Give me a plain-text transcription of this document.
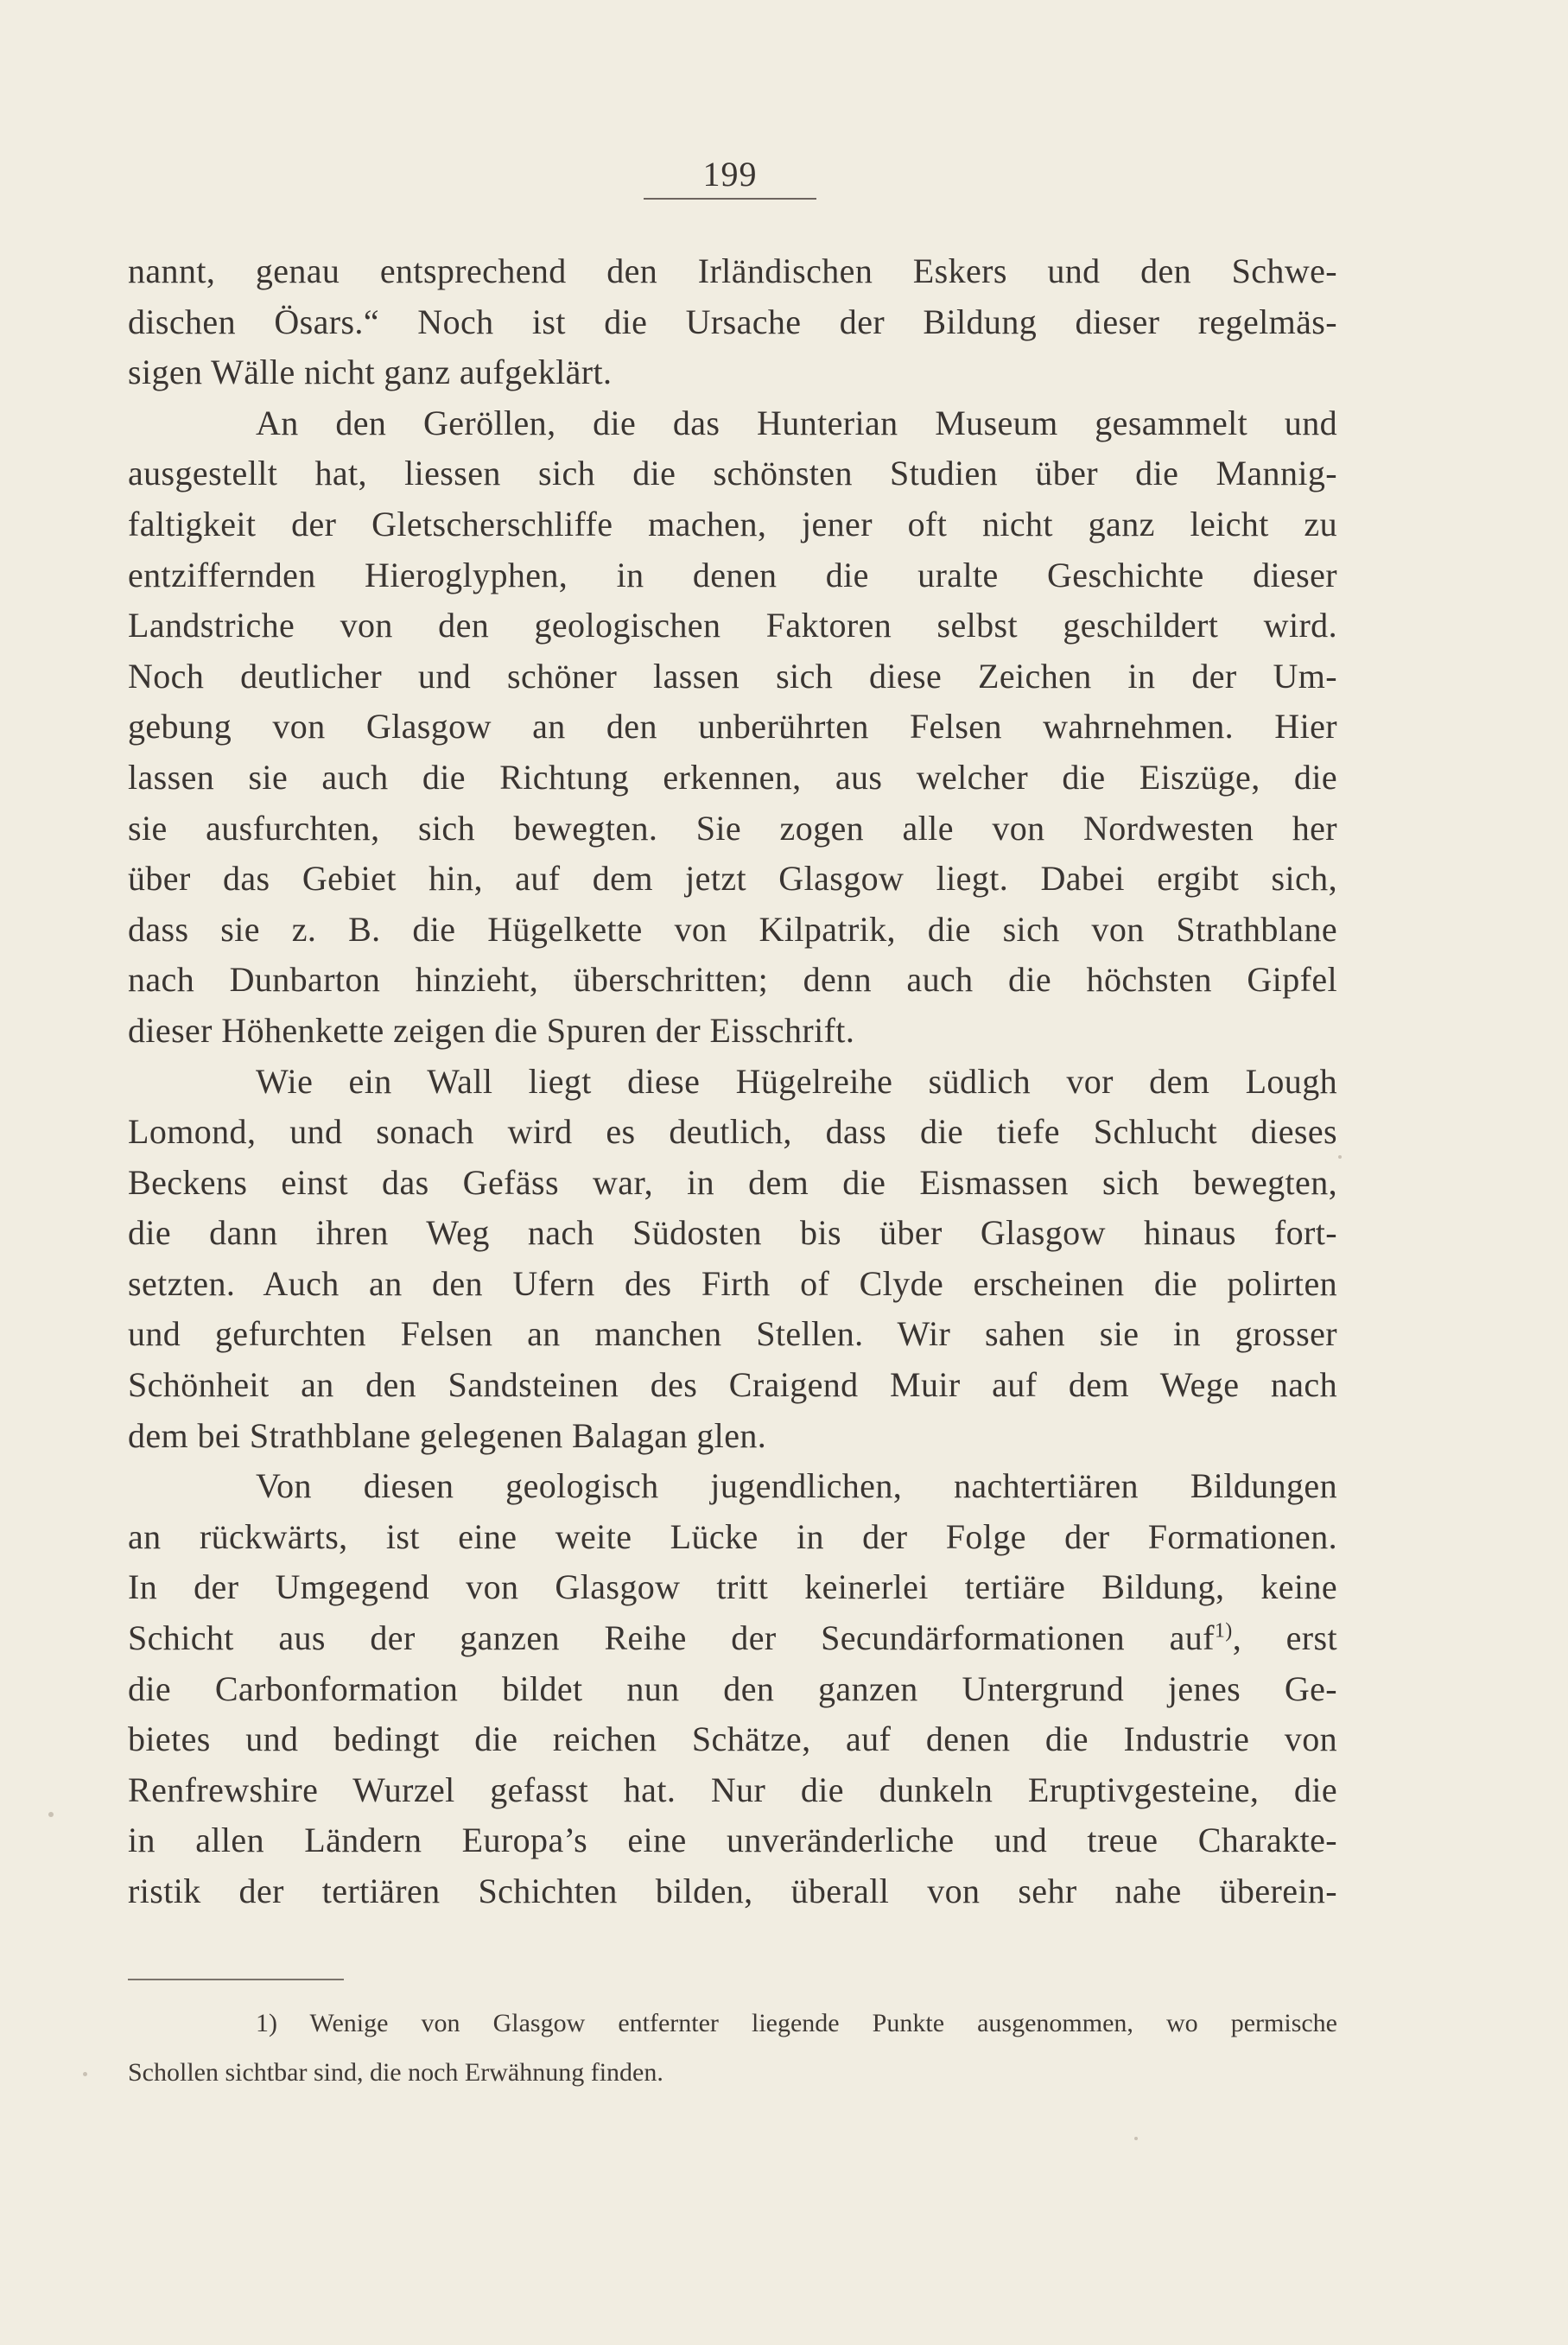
199
nannt, genau entsprechend den Irländischen Eskers und den Schwe-
dischen Ösars.“ Noch ist die Ursache der Bildung dieser regelmäs-
sigen Wälle nicht ganz aufgeklärt.
An den Geröllen, die das Hunterian Museum gesammelt und
ausgestellt hat, liessen sich die schönsten Studien über die Mannig-
faltigkeit der Gletscherschliffe machen, jener oft nicht ganz leicht zu
entziffernden Hieroglyphen, in denen die uralte Geschichte dieser
Landstriche von den geologischen Faktoren selbst geschildert wird.
Noch deutlicher und schöner lassen sich diese Zeichen in der Um-
gebung von Glasgow an den unberührten Felsen wahrnehmen. Hier
lassen sie auch die Richtung erkennen, aus welcher die Eiszüge, die
sie ausfurchten, sich bewegten. Sie zogen alle von Nordwesten her
über das Gebiet hin, auf dem jetzt Glasgow liegt. Dabei ergibt sich,
dass sie z. B. die Hügelkette von Kilpatrik, die sich von Strathblane
nach Dunbarton hinzieht, überschritten; denn auch die höchsten Gipfel
dieser Höhenkette zeigen die Spuren der Eisschrift.
Wie ein Wall liegt diese Hügelreihe südlich vor dem Lough
Lomond, und sonach wird es deutlich, dass die tiefe Schlucht dieses
Beckens einst das Gefäss war, in dem die Eismassen sich bewegten,
die dann ihren Weg nach Südosten bis über Glasgow hinaus fort-
setzten. Auch an den Ufern des Firth of Clyde erscheinen die polirten
und gefurchten Felsen an manchen Stellen. Wir sahen sie in grosser
Schönheit an den Sandsteinen des Craigend Muir auf dem Wege nach
dem bei Strathblane gelegenen Balagan glen.
Von diesen geologisch jugendlichen, nachtertiären Bildungen
an rückwärts, ist eine weite Lücke in der Folge der Formationen.
In der Umgegend von Glasgow tritt keinerlei tertiäre Bildung, keine
Schicht aus der ganzen Reihe der Secundärformationen auf$^{1)}$, erst
die Carbonformation bildet nun den ganzen Untergrund jenes Ge-
bietes und bedingt die reichen Schätze, auf denen die Industrie von
Renfrewshire Wurzel gefasst hat. Nur die dunkeln Eruptivgesteine, die
in allen Ländern Europa’s eine unveränderliche und treue Charakte-
ristik der tertiären Schichten bilden, überall von sehr nahe überein-
1) Wenige von Glasgow entfernter liegende Punkte ausgenommen, wo permische
Schollen sichtbar sind, die noch Erwähnung finden.
